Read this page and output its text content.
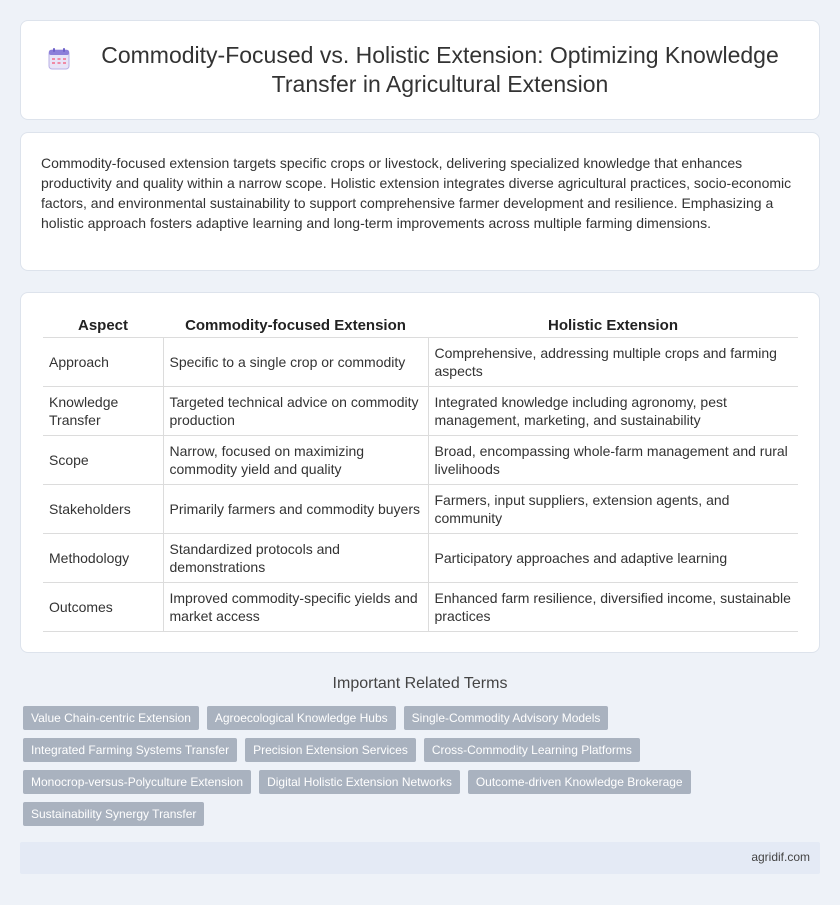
Commodity-Focused vs. Holistic Extension: Optimizing Knowledge Transfer in Agricultural Extension

Commodity-focused extension targets specific crops or livestock, delivering specialized knowledge that enhances productivity and quality within a narrow scope. Holistic extension integrates diverse agricultural practices, socio-economic factors, and environmental sustainability to support comprehensive farmer development and resilience. Emphasizing a holistic approach fosters adaptive learning and long-term improvements across multiple farming dimensions.

Aspect	Commodity-focused Extension	Holistic Extension
Approach	Specific to a single crop or commodity	Comprehensive, addressing multiple crops and farming aspects
Knowledge Transfer	Targeted technical advice on commodity production	Integrated knowledge including agronomy, pest management, marketing, and sustainability
Scope	Narrow, focused on maximizing commodity yield and quality	Broad, encompassing whole-farm management and rural livelihoods
Stakeholders	Primarily farmers and commodity buyers	Farmers, input suppliers, extension agents, and community
Methodology	Standardized protocols and demonstrations	Participatory approaches and adaptive learning
Outcomes	Improved commodity-specific yields and market access	Enhanced farm resilience, diversified income, sustainable practices
Important Related Terms
Value Chain-centric Extension	Agroecological Knowledge Hubs	Single-Commodity Advisory Models
Integrated Farming Systems Transfer	Precision Extension Services	Cross-Commodity Learning Platforms
Monocrop-versus-Polyculture Extension	Digital Holistic Extension Networks	Outcome-driven Knowledge Brokerage
Sustainability Synergy Transfer
agridif.com
